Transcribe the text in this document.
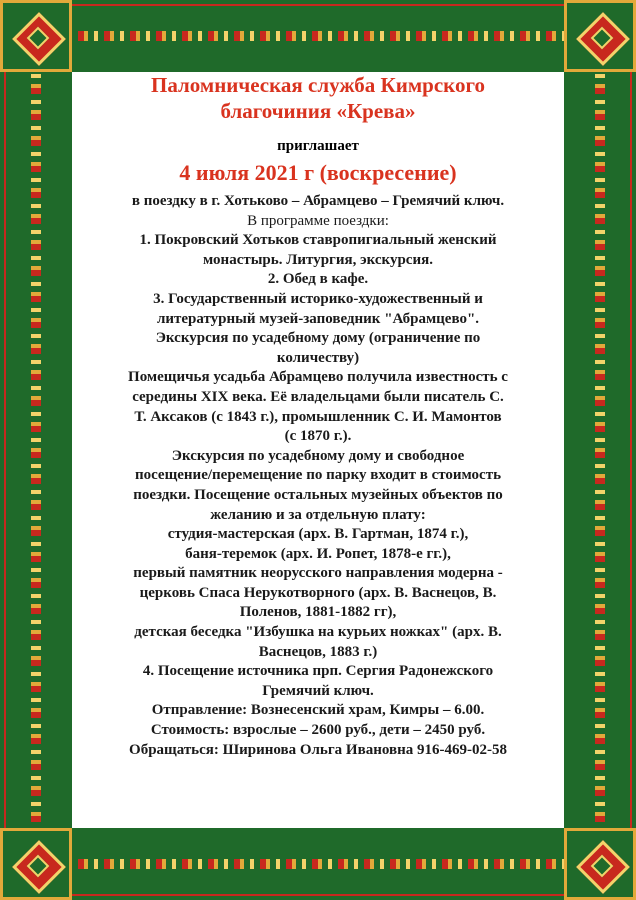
Паломническая служба Кимрского
благочиния «Крева»
приглашает
4 июля 2021 г (воскресение)
в поездку в г. Хотьково – Абрамцево – Гремячий ключ.
В программе поездки:
1. Покровский Хотьков ставропигиальный женский
монастырь. Литургия, экскурсия.
2. Обед в кафе.
3. Государственный историко-художественный и
литературный музей-заповедник "Абрамцево".
Экскурсия по усадебному дому (ограничение по
количеству)
Помещичья усадьба Абрамцево получила известность с
середины XIX века. Её владельцами были писатель С.
Т. Аксаков (с 1843 г.), промышленник С. И. Мамонтов
(с 1870 г.).
Экскурсия по усадебному дому и свободное
посещение/перемещение по парку входит в стоимость
поездки. Посещение остальных музейных объектов по
желанию и за отдельную плату:
студия-мастерская (арх. В. Гартман, 1874 г.),
баня-теремок (арх. И. Ропет, 1878-е гг.),
первый памятник неорусского направления модерна -
церковь Спаса Нерукотворного (арх. В. Васнецов, В.
Поленов, 1881-1882 гг),
детская беседка "Избушка на курьих ножках" (арх. В.
Васнецов, 1883 г.)
4. Посещение источника прп. Сергия Радонежского
Гремячий ключ.
Отправление: Вознесенский храм, Кимры – 6.00.
Стоимость: взрослые – 2600 руб., дети – 2450 руб.
Обращаться: Ширинова Ольга Ивановна 916-469-02-58
